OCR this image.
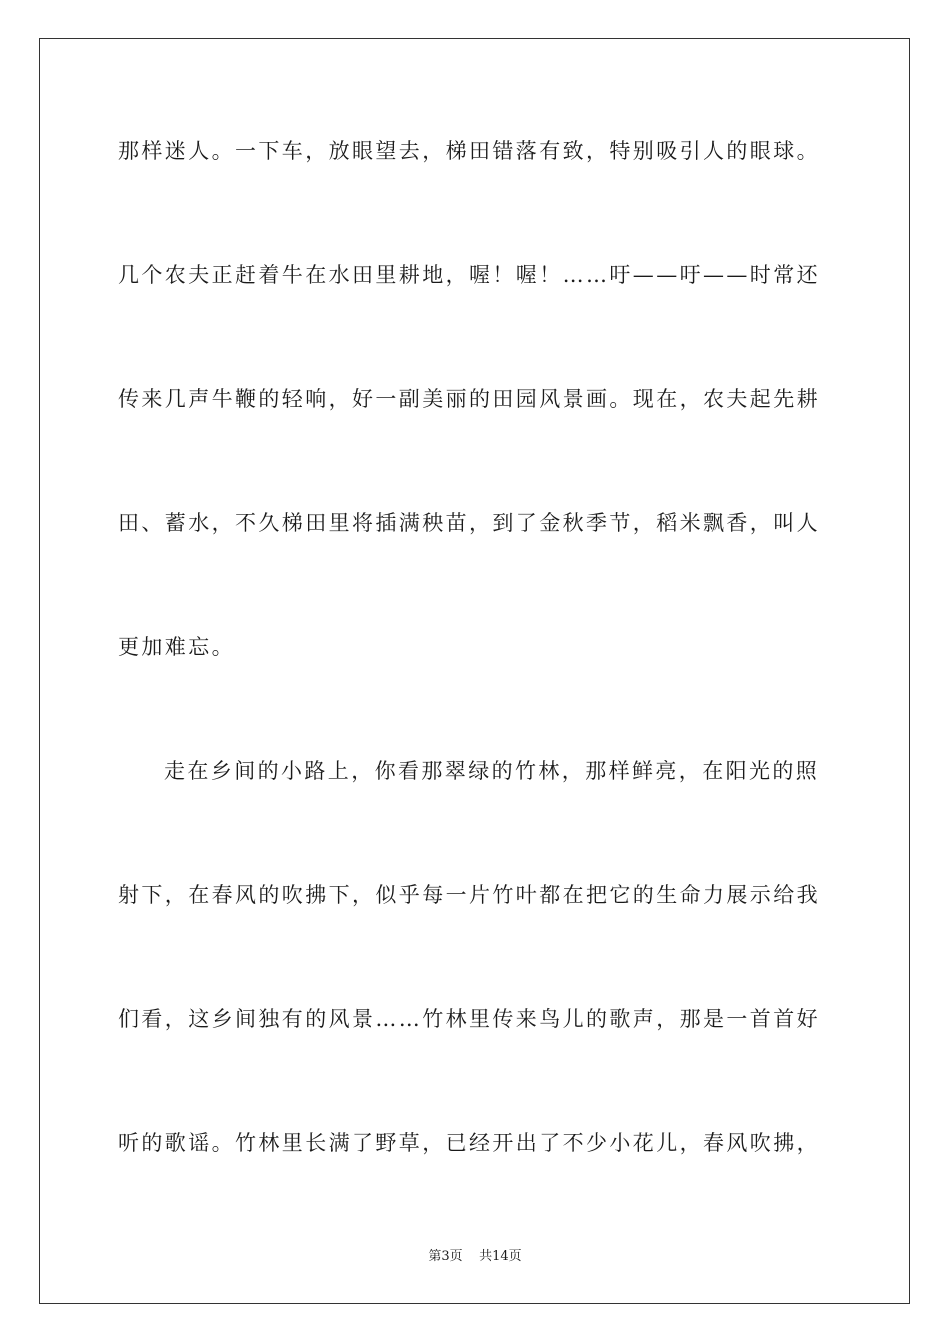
那样迷人。一下车，放眼望去，梯田错落有致，特别吸引人的眼球。
几个农夫正赶着牛在水田里耕地，喔！喔！……吁——吁——时常还
传来几声牛鞭的轻响，好一副美丽的田园风景画。现在，农夫起先耕
田、蓄水，不久梯田里将插满秧苗，到了金秋季节，稻米飘香，叫人
更加难忘。
走在乡间的小路上，你看那翠绿的竹林，那样鲜亮，在阳光的照
射下，在春风的吹拂下，似乎每一片竹叶都在把它的生命力展示给我
们看，这乡间独有的风景……竹林里传来鸟儿的歌声，那是一首首好
听的歌谣。竹林里长满了野草，已经开出了不少小花儿，春风吹拂，
第3页    共14页
